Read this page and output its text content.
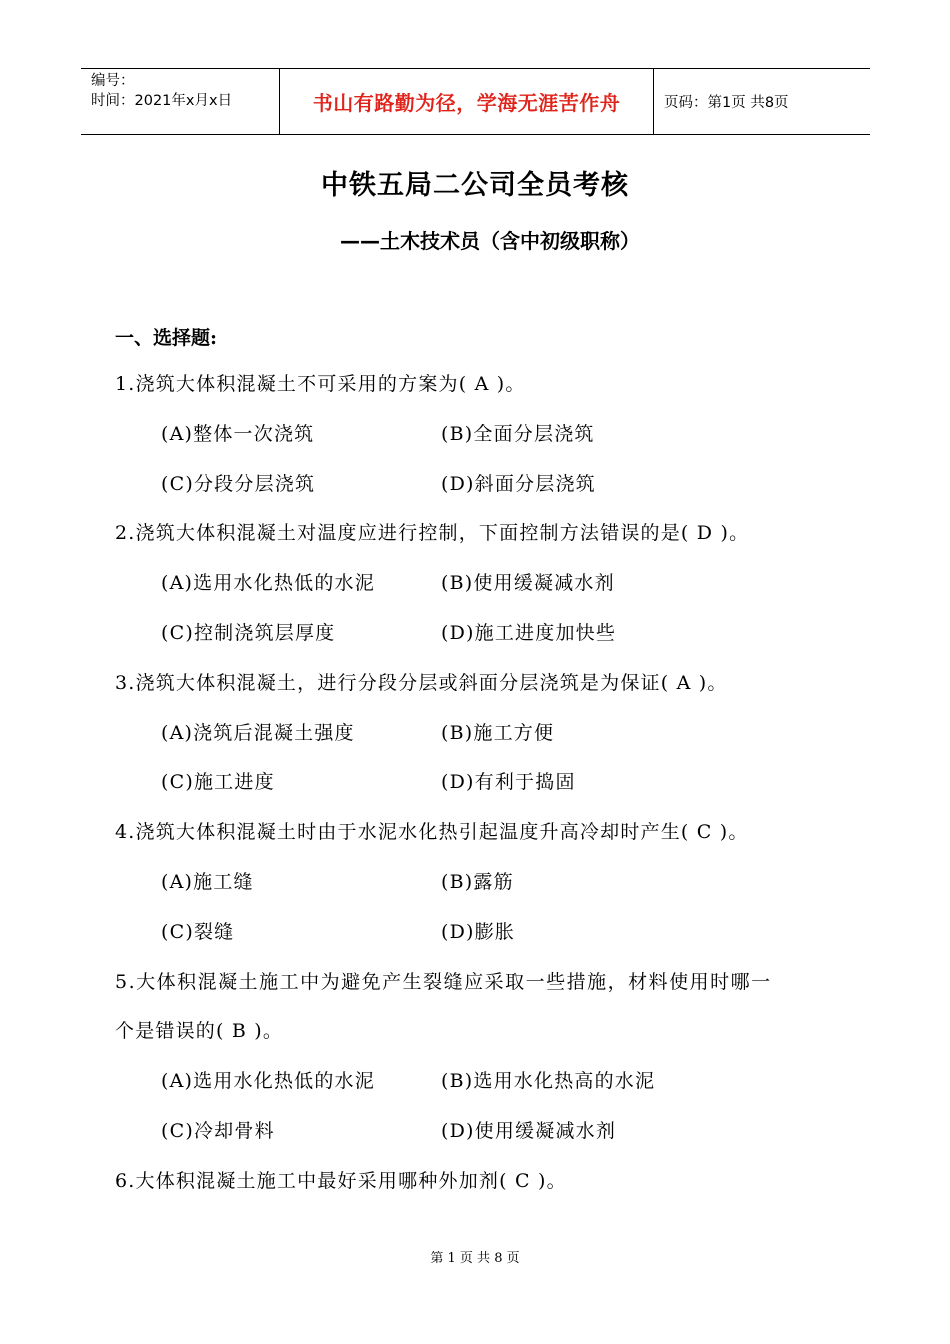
编号：
时间：2021年x月x日	书山有路勤为径，学海无涯苦作舟	页码：第1页 共8页
中铁五局二公司全员考核
——土木技术员（含中初级职称）
一、选择题:
1.浇筑大体积混凝土不可采用的方案为( A )。
(A)整体一次浇筑	(B)全面分层浇筑
(C)分段分层浇筑	(D)斜面分层浇筑
2.浇筑大体积混凝土对温度应进行控制，下面控制方法错误的是( D )。
(A)选用水化热低的水泥	(B)使用缓凝减水剂
(C)控制浇筑层厚度	(D)施工进度加快些
3.浇筑大体积混凝土，进行分段分层或斜面分层浇筑是为保证( A )。
(A)浇筑后混凝土强度	(B)施工方便
(C)施工进度	(D)有利于捣固
4.浇筑大体积混凝土时由于水泥水化热引起温度升高冷却时产生( C )。
(A)施工缝	(B)露筋
(C)裂缝	(D)膨胀
5.大体积混凝土施工中为避免产生裂缝应采取一些措施，材料使用时哪一
个是错误的( B )。
(A)选用水化热低的水泥	(B)选用水化热高的水泥
(C)冷却骨料	(D)使用缓凝减水剂
6.大体积混凝土施工中最好采用哪种外加剂( C )。
第 1 页 共 8 页
